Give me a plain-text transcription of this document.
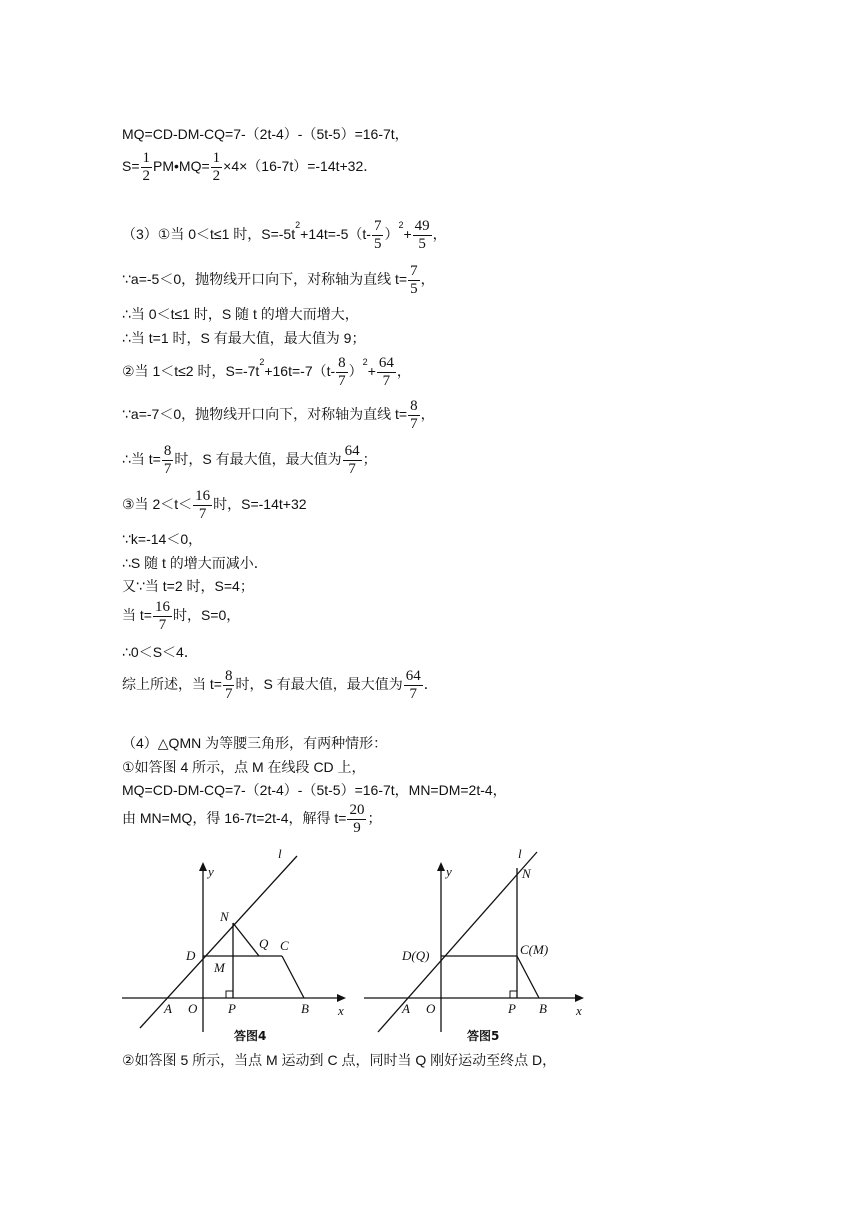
MQ=CD-DM-CQ=7-（2t-4）-（5t-5）=16-7t，
$S= \frac{1}{2}$ PM•MQ= $\frac{1}{2} \times 4\times(16-7t)=-14t+32$．
（3）①当 0＜t≤1 时，$S=-5t^2+14t=-5(t- \frac{7}{5} )^2+ \frac{49}{5}$ ，
∵a=-5＜0，抛物线开口向下，对称轴为直线 $t= \frac{7}{5}$ ，
∴当 0＜t≤1 时，S 随 t 的增大而增大，
∴当 t=1 时，S 有最大值，最大值为 9；
②当 1＜t≤2 时，$S=-7t^2+16t=-7(t- \frac{8}{7} )^2+ \frac{64}{7}$ ，
∵a=-7＜0，抛物线开口向下，对称轴为直线 $t= \frac{8}{7}$ ，
∴当 $t= \frac{8}{7}$ 时，S 有最大值，最大值为 $\frac{64}{7}$ ；
③当 $2<t< \frac{16}{7}$ 时，S=-14t+32
∵k=-14＜0，
∴S 随 t 的增大而减小．
又∵当 t=2 时，S=4；
当 $t= \frac{16}{7}$ 时，S=0，
∴0＜S＜4．
综上所述，当 $t= \frac{8}{7}$ 时，S 有最大值，最大值为 $\frac{64}{7}$ ．
（4）△QMN 为等腰三角形，有两种情形：
①如答图 4 所示，点 M 在线段 CD 上，
MQ=CD-DM-CQ=7-（2t-4）-（5t-5）=16-7t，MN=DM=2t-4，
由 MN=MQ，得 16-7t=2t-4，解得 $t= \frac{20}{9}$ ；
y
l
N
Q C
D
M
A O P	B x
答图4
y
l
N
D(Q)	C(M)
A O	P B x
答图5
②如答图 5 所示，当点 M 运动到 C 点，同时当 Q 刚好运动至终点 D，
